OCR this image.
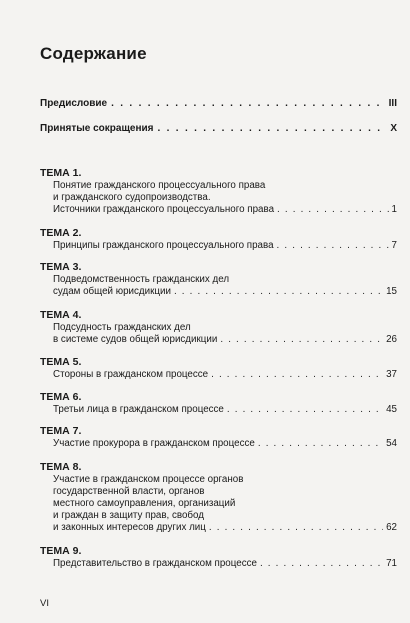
Содержание
Предисловие . . .	III
Принятые сокращения . . .	X
ТЕМА 1.
Понятие гражданского процессуального права
и гражданского судопроизводства.
Источники гражданского процессуального права . . .	1
ТЕМА 2.
Принципы гражданского процессуального права . . .	7
ТЕМА 3.
Подведомственность гражданских дел
судам общей юрисдикции . . .	15
ТЕМА 4.
Подсудность гражданских дел
в системе судов общей юрисдикции . . .	26
ТЕМА 5.
Стороны в гражданском процессе . . .	37
ТЕМА 6.
Третьи лица в гражданском процессе . . .	45
ТЕМА 7.
Участие прокурора в гражданском процессе . . .	54
ТЕМА 8.
Участие в гражданском процессе органов
государственной власти, органов
местного самоуправления, организаций
и граждан в защиту прав, свобод
и законных интересов других лиц . . .	62
ТЕМА 9.
Представительство в гражданском процессе . . .	71
VI
